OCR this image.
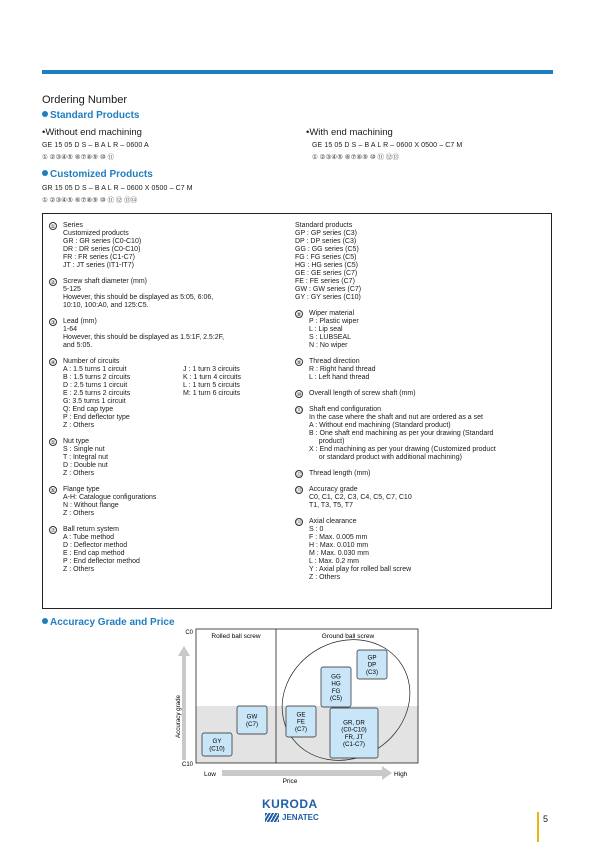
Ordering Number
Standard Products
•Without end machining
GE 15 05 D S – B A L R – 0600 A
① ②③④⑤ ⑥⑦⑧⑨ ⑩ ⑪
•With end machining
GE 15 05 D S – B A L R – 0600 X 0500 – C7 M
① ②③④⑤ ⑥⑦⑧⑨ ⑩ ⑪ ⑫⑬
Customized Products
GR 15 05 D S – B A L R – 0600 X 0500 – C7 M
① ②③④⑤ ⑥⑦⑧⑨ ⑩ ⑪ ⑫ ⑬⑭
① Series
Customized products
GR : GR series (C0-C10)
DR : DR series (C0-C10)
FR : FR series (C1-C7)
JT : JT series (IT1-IT7)
② Screw shaft diameter (mm)
5-125
However, this should be displayed as 5:05, 6:06,
10:10, 100:A0, and 125:C5.
③ Lead (mm)
1-64
However, this should be displayed as 1.5:1F, 2.5:2F,
and 5:05.
④ Number of circuits
A : 1.5 turns 1 circuit
B : 1.5 turns 2 circuits
D : 2.5 turns 1 circuit
E : 2.5 turns 2 circuits
G: 3.5 turns 1 circuit
Q: End cap type
P : End deflector type
Z : Others
J : 1 turn 3 circuits
K : 1 turn 4 circuits
L : 1 turn 5 circuits
M: 1 turn 6 circuits
⑤ Nut type
S : Single nut
T : Integral nut
D : Double nut
Z : Others
⑥ Flange type
A-H: Catalogue configurations
N : Without flange
Z : Others
⑦ Ball return system
A : Tube method
D : Deflector method
E : End cap method
P : End deflector method
Z : Others
Standard products
GP : GP series (C3)
DP : DP series (C3)
GG : GG series (C5)
FG : FG series (C5)
HG : HG series (C5)
GE : GE series (C7)
FE : FE series (C7)
GW : GW series (C7)
GY : GY series (C10)
⑧ Wiper material
P : Plastic wiper
L : Lip seal
S : LUBSEAL
N : No wiper
⑨ Thread direction
R : Right hand thread
L : Left hand thread
⑩ Overall length of screw shaft (mm)
⑪ Shaft end configuration
In the case where the shaft and nut are ordered as a set
A : Without end machining (Standard product)
B : One shaft end machining as per your drawing (Standard
product)
X : End machining as per your drawing (Customized product
or standard product with additional machining)
⑫ Thread length (mm)
⑬ Accuracy grade
C0, C1, C2, C3, C4, C5, C7, C10
T1, T3, T5, T7
⑭ Axial clearance
S : 0
F : Max. 0.005 mm
H : Max. 0.010 mm
M : Max. 0.030 mm
L : Max. 0.2 mm
Y : Axial play for rolled ball screw
Z : Others
Accuracy Grade and Price
Rolled ball screw	Ground ball screw
Accuracy grade
C0
C10
Low
Price
High
GY
(C10)
GW
(C7)
GE
FE
(C7)
GG
HG
FG
(C5)
GP
DP
(C3)
GR, DR
(C0-C10)
FR, JT
(C1-C7)
KURODA
JENATEC	5
